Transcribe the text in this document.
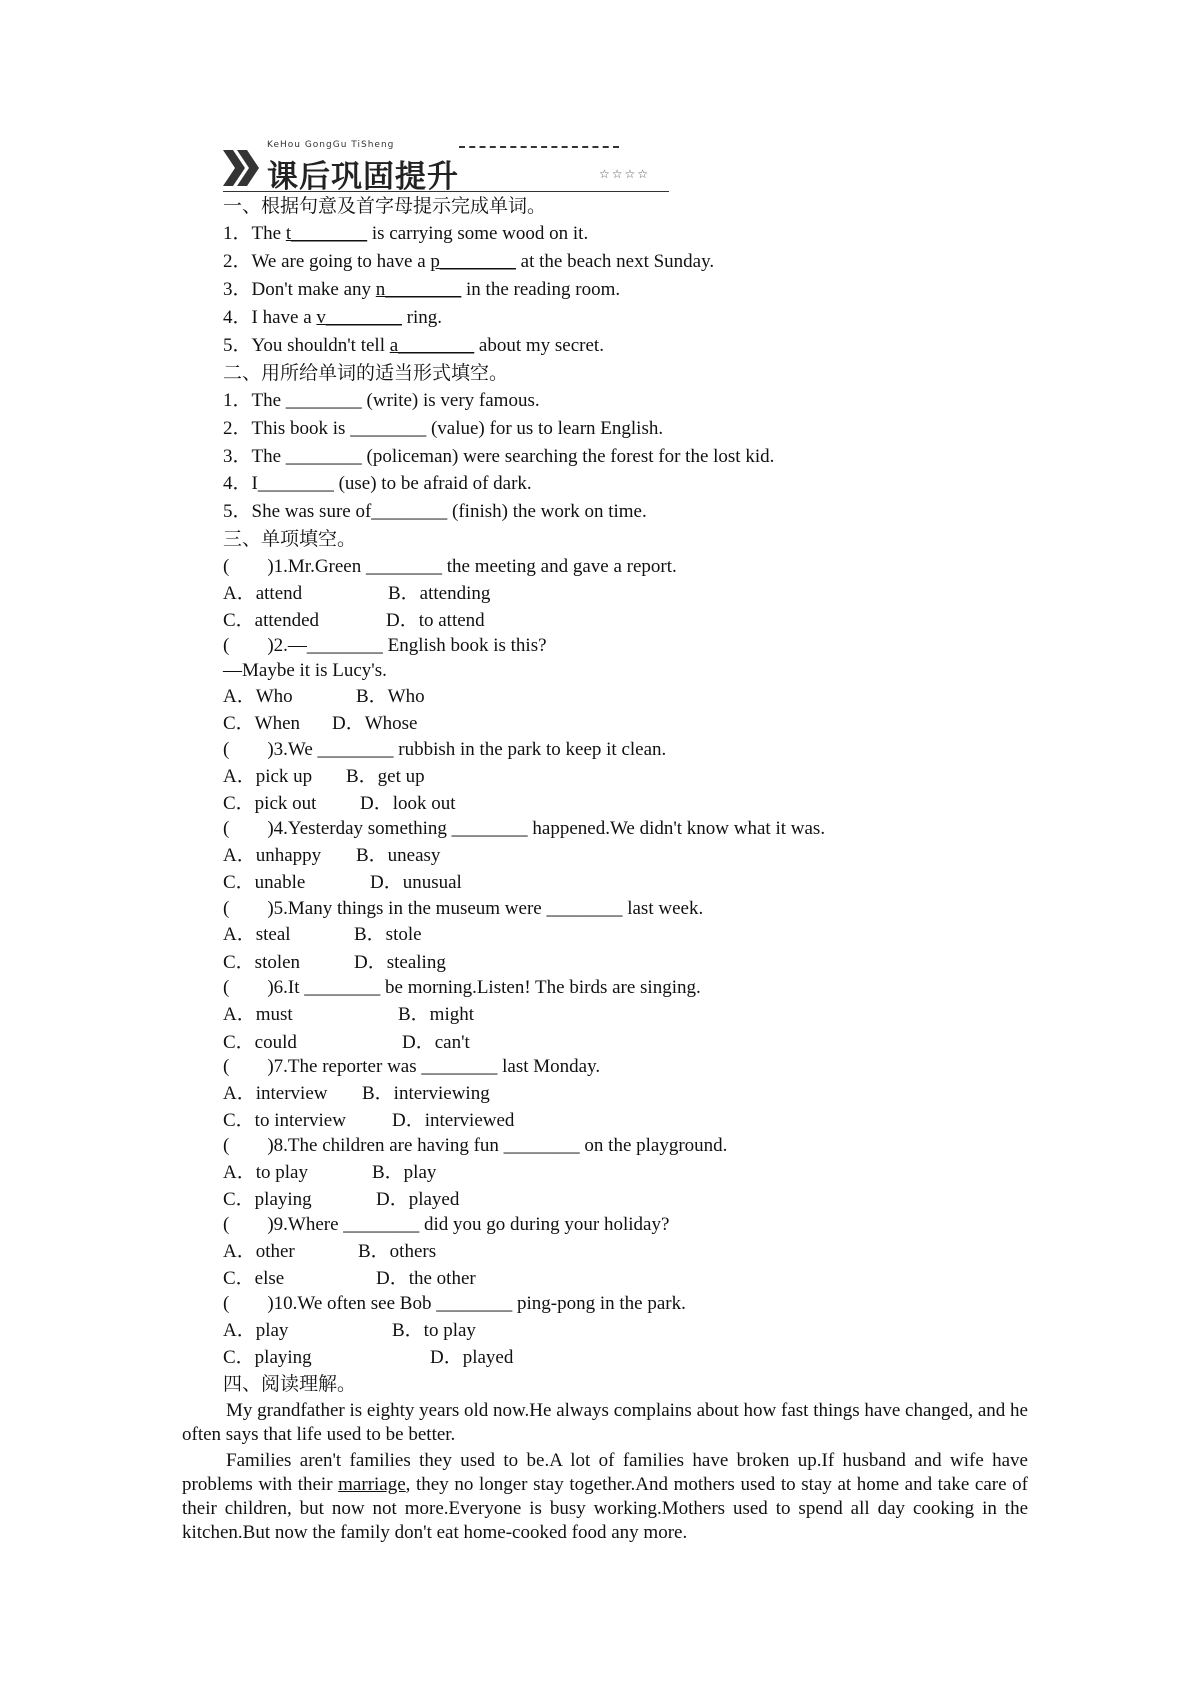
KeHou GongGu TiSheng
课后巩固提升	☆☆☆☆
一、根据句意及首字母提示完成单词。
1．The t________ is carrying some wood on it.
2．We are going to have a p________ at the beach next Sunday.
3．Don't make any n________ in the reading room.
4．I have a v________ ring.
5．You shouldn't tell a________ about my secret.
二、用所给单词的适当形式填空。
1．The ________ (write) is very famous.
2．This book is ________ (value) for us to learn English.
3．The ________ (policeman) were searching the forest for the lost kid.
4．I________ (use) to be afraid of dark.
5．She was sure of________ (finish) the work on time.
三、单项填空。
(　　)1.Mr.Green ________ the meeting and gave a report.
A．attend	B．attending
C．attended	D．to attend
(　　)2.—________ English book is this?
—Maybe it is Lucy's.
A．Who	B．Who
C．When D．Whose
(　　)3.We ________ rubbish in the park to keep it clean.
A．pick up B．get up
C．pick out D．look out
(　　)4.Yesterday something ________ happened.We didn't know what it was.
A．unhappy B．uneasy
C．unable	D．unusual
(　　)5.Many things in the museum were ________ last week.
A．steal	B．stole
C．stolen	D．stealing
(　　)6.It ________ be morning.Listen! The birds are singing.
A．must	B．might
C．could	D．can't
(　　)7.The reporter was ________ last Monday.
A．interview B．interviewing
C．to interview D．interviewed
(　　)8.The children are having fun ________ on the playground.
A．to play	B．play
C．playing	D．played
(　　)9.Where ________ did you go during your holiday?
A．other	B．others
C．else	D．the other
(　　)10.We often see Bob ________ ping-pong in the park.
A．play	B．to play
C．playing	D．played
四、阅读理解。
My grandfather is eighty years old now.He always complains about how fast things have changed, and he often says that life used to be better.
Families aren't families they used to be.A lot of families have broken up.If husband and wife have problems with their marriage, they no longer stay together.And mothers used to stay at home and take care of their children, but now not more.Everyone is busy working.Mothers used to spend all day cooking in the kitchen.But now the family don't eat home-cooked food any more.
